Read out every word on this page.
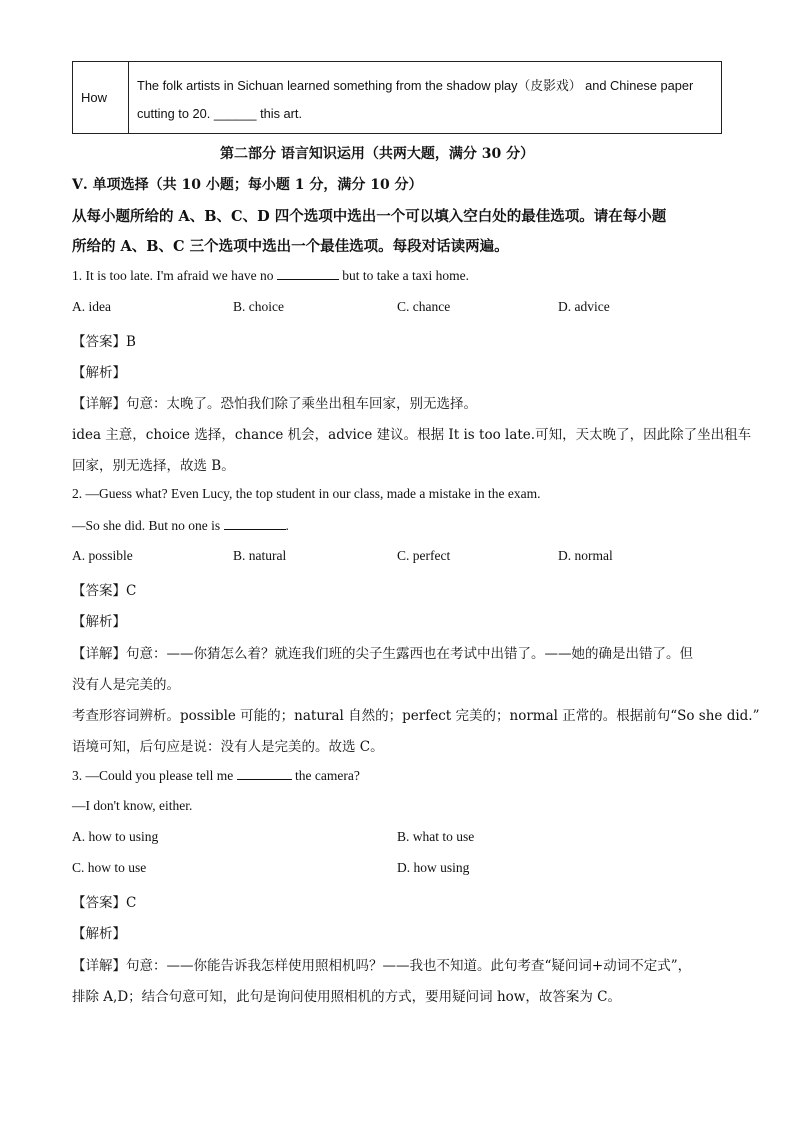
How
The folk artists in Sichuan learned something from the shadow play（皮影戏） and Chinese paper
cutting to 20. ______ this art.
第二部分 语言知识运用（共两大题，满分 30 分）
Ⅴ. 单项选择（共 10 小题；每小题 1 分，满分 10 分）
从每小题所给的 A、B、C、D 四个选项中选出一个可以填入空白处的最佳选项。请在每小题
所给的 A、B、C 三个选项中选出一个最佳选项。每段对话读两遍。
1. It is too late. I'm afraid we have no	but to take a taxi home.
A. idea	B. choice	C. chance	D. advice
【答案】B
【解析】
【详解】句意：太晚了。恐怕我们除了乘坐出租车回家，别无选择。
idea 主意，choice 选择，chance 机会，advice 建议。根据 It is too late.可知，天太晚了，因此除了坐出租车
回家，别无选择，故选 B。
2. —Guess what? Even Lucy, the top student in our class, made a mistake in the exam.
—So she did. But no one is	.
A. possible	B. natural	C. perfect	D. normal
【答案】C
【解析】
【详解】句意：——你猜怎么着？就连我们班的尖子生露西也在考试中出错了。——她的确是出错了。但
没有人是完美的。
考查形容词辨析。possible 可能的；natural 自然的；perfect 完美的；normal 正常的。根据前句“So she did.”
语境可知，后句应是说：没有人是完美的。故选 C。
3. —Could you please tell me	the camera?
—I don't know, either.
A. how to using	B. what to use
C. how to use	D. how using
【答案】C
【解析】
【详解】句意：——你能告诉我怎样使用照相机吗？——我也不知道。此句考查“疑问词+动词不定式”，
排除 A,D；结合句意可知，此句是询问使用照相机的方式，要用疑问词 how，故答案为 C。
